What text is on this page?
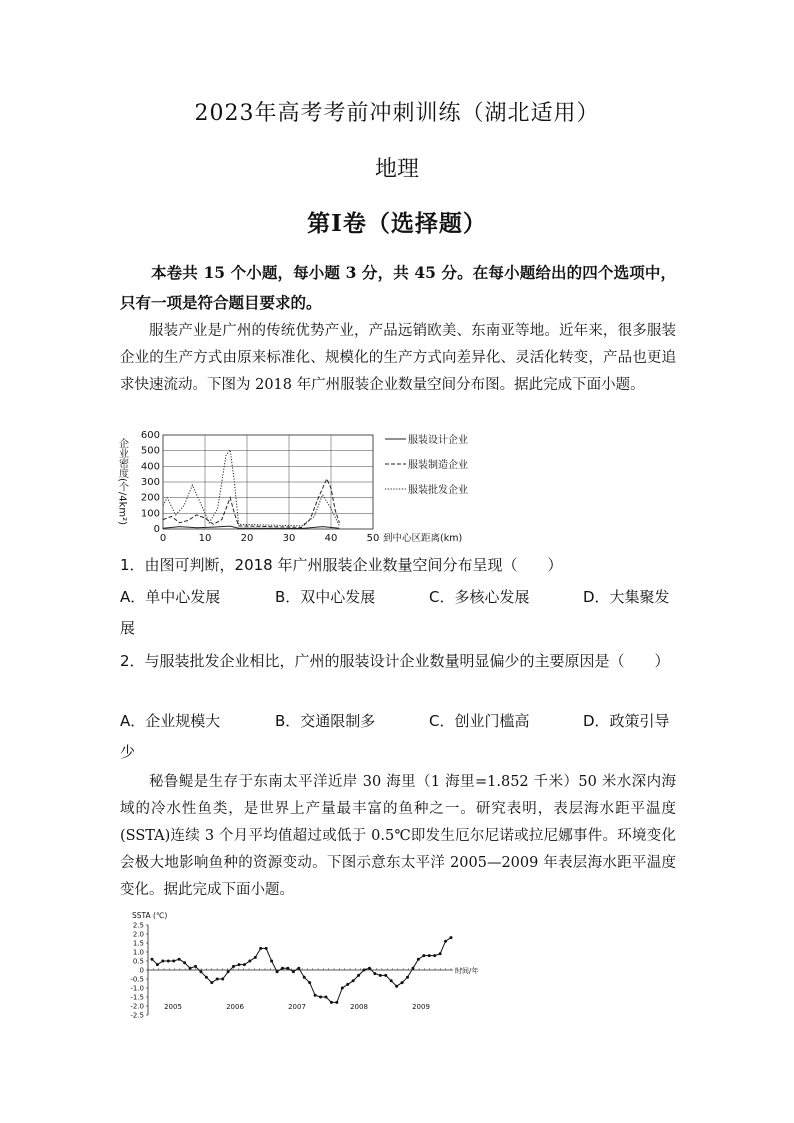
2023年高考考前冲刺训练（湖北适用）
地理
第Ⅰ卷（选择题）

本卷共 15 个小题，每小题 3 分，共 45 分。在每小题给出的四个选项中，只有一项是符合题目要求的。

服装产业是广州的传统优势产业，产品远销欧美、东南亚等地。近年来，很多服装企业的生产方式由原来标准化、规模化的生产方式向差异化、灵活化转变，产品也更追求快速流动。下图为 2018 年广州服装企业数量空间分布图。据此完成下面小题。

0
100
200
300
400
500
600
0	10	20	30	40	50
企业密度(个/4km²)
到中心区距离(km)
服装设计企业
服装制造企业
服装批发企业

1．由图可判断，2018 年广州服装企业数量空间分布呈现（　　）

A．单中心发展	B．双中心发展	C．多核心发展	D．大集聚发
展

2．与服装批发企业相比，广州的服装设计企业数量明显偏少的主要原因是（　　）

A．企业规模大	B．交通限制多	C．创业门槛高	D．政策引导
少

秘鲁鳀是生存于东南太平洋近岸 30 海里（1 海里=1.852 千米）50 米水深内海域的冷水性鱼类，是世界上产量最丰富的鱼种之一。研究表明，表层海水距平温度(SSTA)连续 3 个月平均值超过或低于 0.5℃即发生厄尔尼诺或拉尼娜事件。环境变化会极大地影响鱼种的资源变动。下图示意东太平洋 2005—2009 年表层海水距平温度变化。据此完成下面小题。

SSTA (℃)
2.5
2.0
1.5
1.0
0.5
0
-0.5
-1.0
-1.5
-2.0
-2.5
时间/年
2005	2006	2007	2008	2009
